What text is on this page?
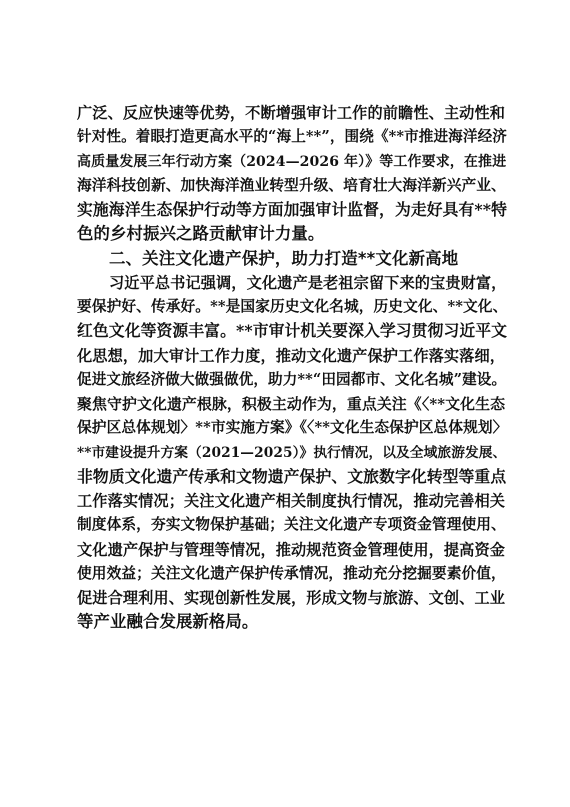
广泛、反应快速等优势，不断增强审计工作的前瞻性、主动性和
针对性。着眼打造更高水平的“海上**”，围绕《**市推进海洋经济
高质量发展三年行动方案（2024—2026 年）》等工作要求，在推进
海洋科技创新、加快海洋渔业转型升级、培育壮大海洋新兴产业、
实施海洋生态保护行动等方面加强审计监督，为走好具有**特
色的乡村振兴之路贡献审计力量。
二、关注文化遗产保护，助力打造**文化新高地
习近平总书记强调，文化遗产是老祖宗留下来的宝贵财富，
要保护好、传承好。**是国家历史文化名城，历史文化、**文化、
红色文化等资源丰富。**市审计机关要深入学习贯彻习近平文
化思想，加大审计工作力度，推动文化遗产保护工作落实落细，
促进文旅经济做大做强做优，助力**“田园都市、文化名城”建设。
聚焦守护文化遗产根脉，积极主动作为，重点关注《〈**文化生态
保护区总体规划〉**市实施方案》《〈**文化生态保护区总体规划〉
**市建设提升方案（2021—2025）》执行情况，以及全域旅游发展、
非物质文化遗产传承和文物遗产保护、文旅数字化转型等重点
工作落实情况；关注文化遗产相关制度执行情况，推动完善相关
制度体系，夯实文物保护基础；关注文化遗产专项资金管理使用、
文化遗产保护与管理等情况，推动规范资金管理使用，提高资金
使用效益；关注文化遗产保护传承情况，推动充分挖掘要素价值，
促进合理利用、实现创新性发展，形成文物与旅游、文创、工业
等产业融合发展新格局。
